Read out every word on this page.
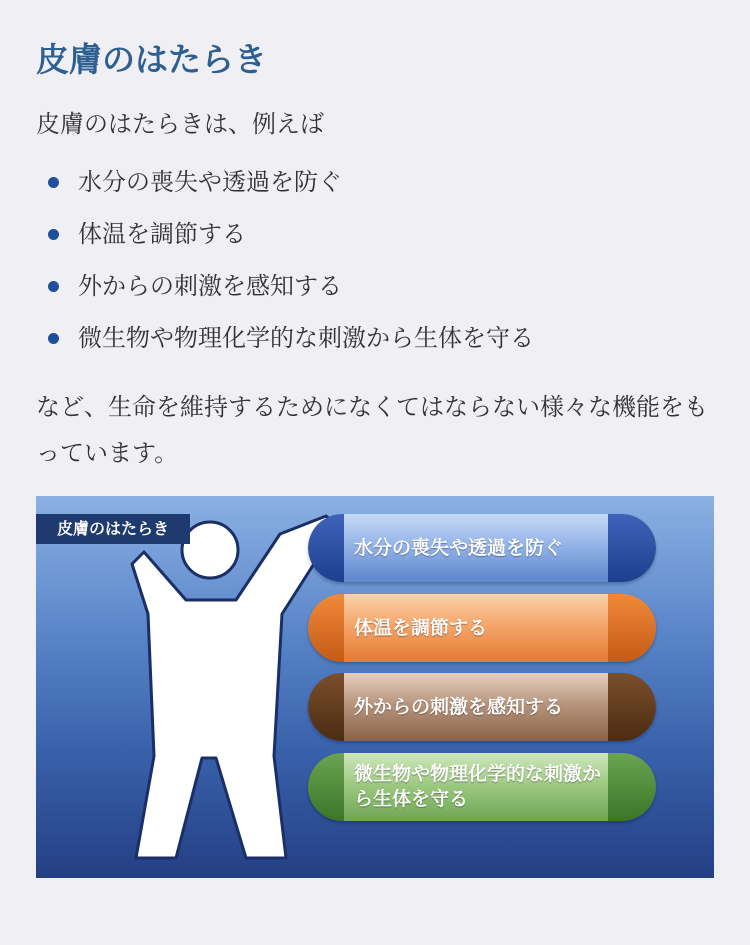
皮膚のはたらき
皮膚のはたらきは、例えば
水分の喪失や透過を防ぐ
体温を調節する
外からの刺激を感知する
微生物や物理化学的な刺激から生体を守る

など、生命を維持するためになくてはならない様々な機能をもっています。

皮膚のはたらき
水分の喪失や透過を防ぐ
体温を調節する
外からの刺激を感知する
微生物や物理化学的な刺激から生体を守る
